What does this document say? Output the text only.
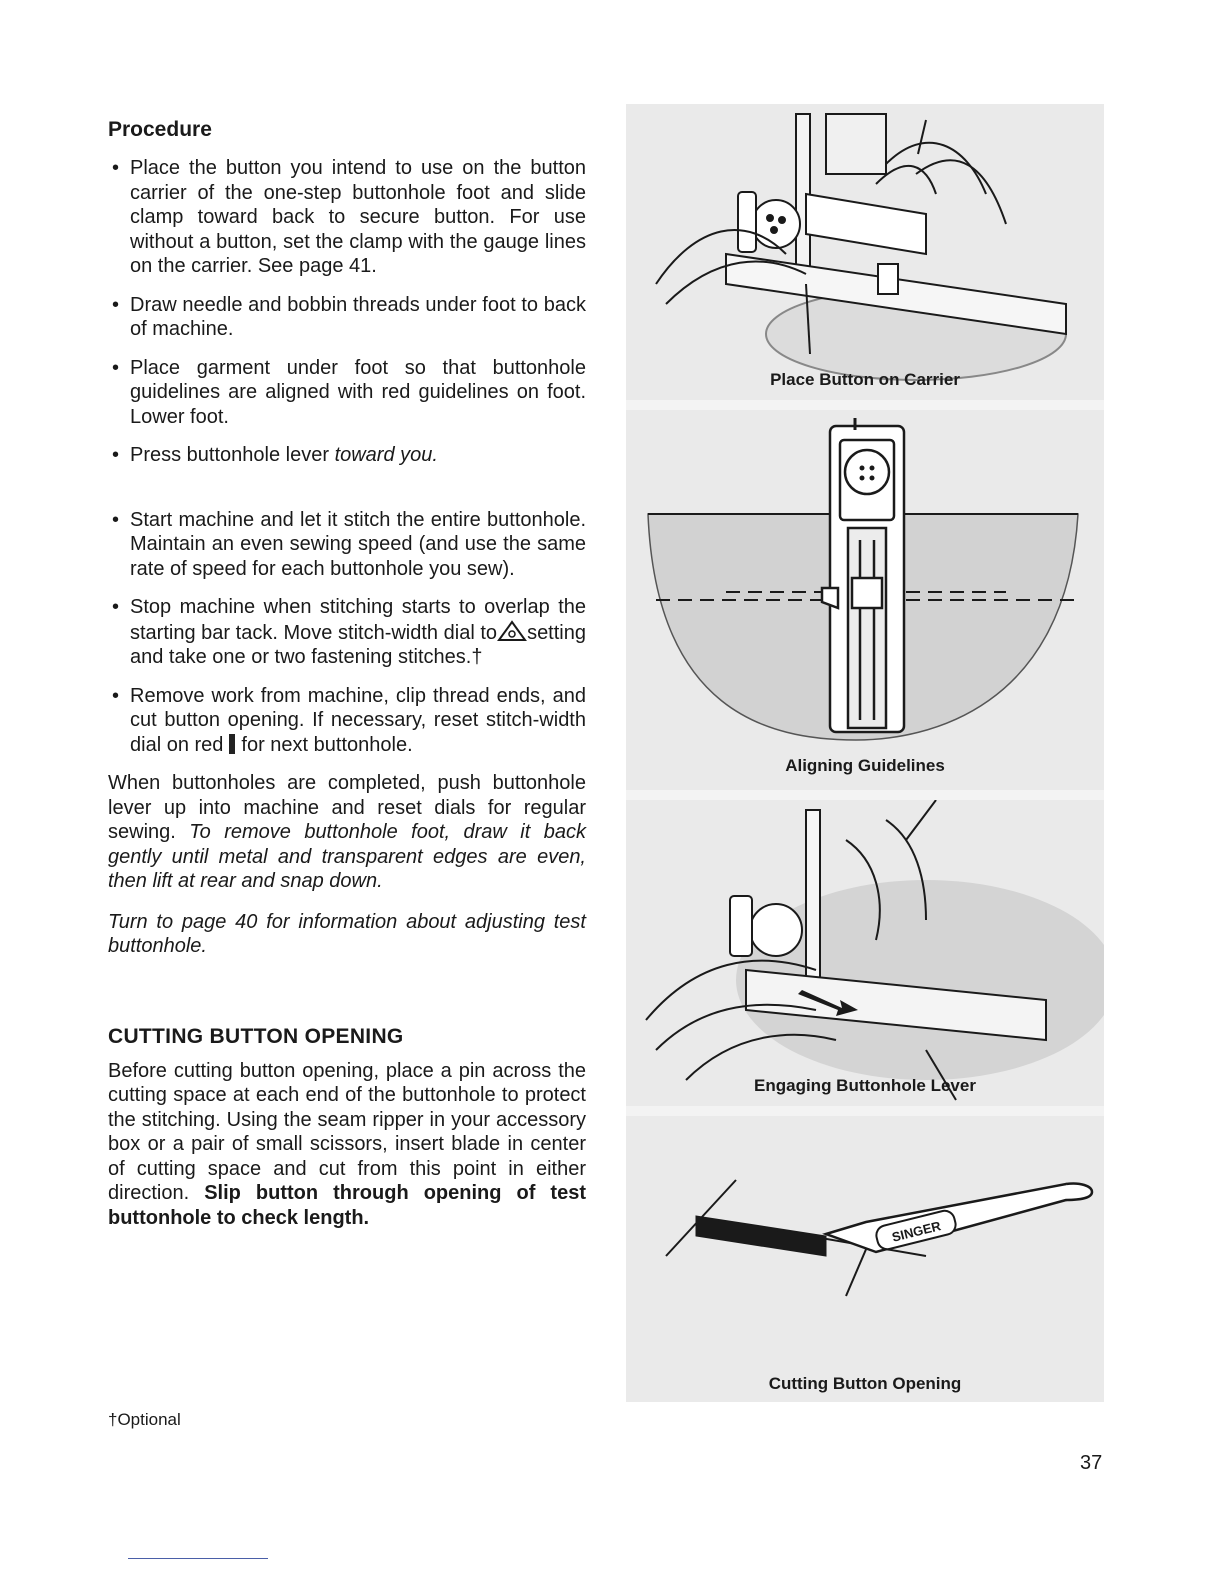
Procedure
• Place the button you intend to use on the button carrier of the one-step buttonhole foot and slide clamp toward back to secure button. For use without a button, set the clamp with the gauge lines on the carrier. See page 41.
• Draw needle and bobbin threads under foot to back of machine.
• Place garment under foot so that buttonhole guidelines are aligned with red guidelines on foot. Lower foot.
• Press buttonhole lever toward you.
• Start machine and let it stitch the entire buttonhole. Maintain an even sewing speed (and use the same rate of speed for each buttonhole you sew).
• Stop machine when stitching starts to overlap the starting bar tack. Move stitch-width dial to setting and take one or two fastening stitches.†
• Remove work from machine, clip thread ends, and cut button opening. If necessary, reset stitch-width dial on red for next buttonhole.

When buttonholes are completed, push buttonhole lever up into machine and reset dials for regular sewing. To remove buttonhole foot, draw it back gently until metal and transparent edges are even, then lift at rear and snap down.

Turn to page 40 for information about adjusting test buttonhole.

CUTTING BUTTON OPENING

Before cutting button opening, place a pin across the cutting space at each end of the buttonhole to protect the stitching. Using the seam ripper in your accessory box or a pair of small scissors, insert blade in center of cutting space and cut from this point in either direction. Slip button through opening of test buttonhole to check length.

†Optional
37
Place Button on Carrier
Aligning Guidelines
Engaging Buttonhole Lever
SINGER
Cutting Button Opening
